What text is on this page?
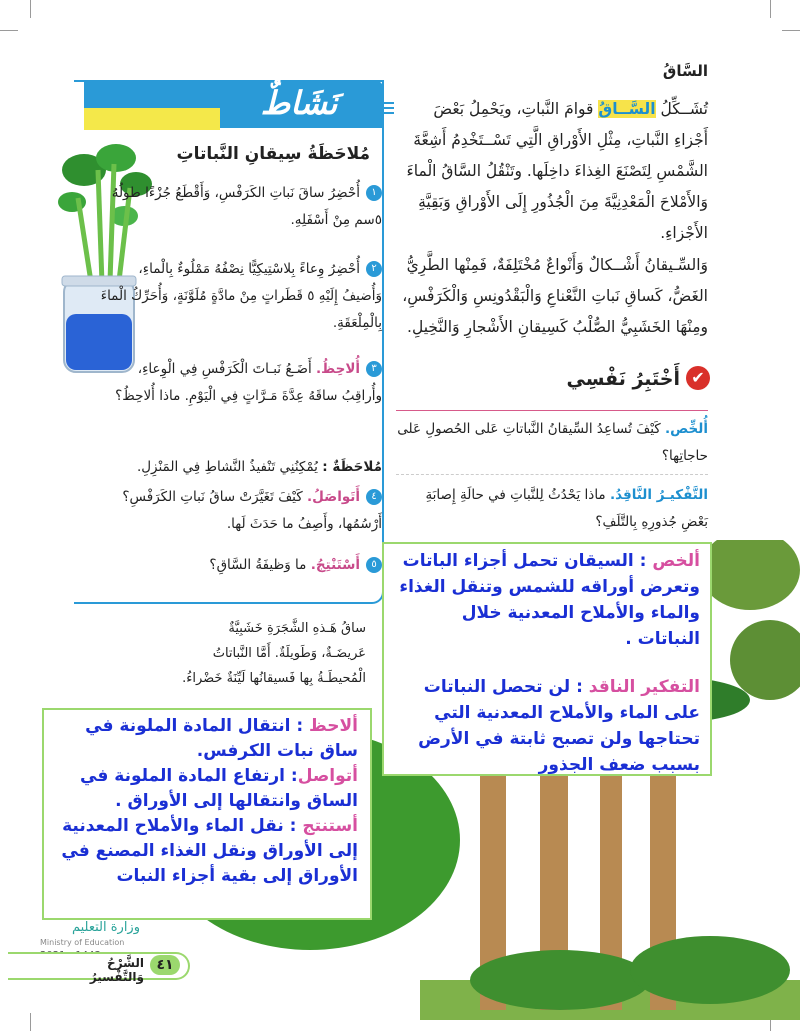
السَّاقُ
تُشَــكِّلُ السَّــاقُ قوامَ النَّباتِ، ويَحْمِلُ بَعْضَ أَجْزاءِ النَّباتِ، مِثْلِ الأَوْراقِ الَّتِي تَسْــتَخْدِمُ أَشِعَّةَ الشَّمْسِ لِتَصْنَعَ الغِذاءَ داخِلَها. وتَنْقُلُ السَّاقُ الْماءَ وَالأَمْلاحَ الْمَعْدِنِيَّةَ مِنَ الْجُذُورِ إِلَى الأَوْراقِ وَبَقِيَّةِ الأَجْزاءِ.
وَالسِّـيقانُ أَشْــكالٌ وَأَنْواعٌ مُخْتَلِفَةٌ، فَمِنْها الطَّرِيُّ الغَضُّ، كَساقِ نَباتِ النَّعْناعِ وَالْبَقْدُونِسِ وَالْكَرَفْسِ، ومِنْهَا الخَشَبِيُّ الصُّلْبُ كَسِيقانِ الأَشْجارِ وَالنَّخِيلِ.
✔
أَخْتَبِرُ نَفْسِي
أُلخِّص. كَيْفَ تُساعِدُ السِّيقانُ النَّباتاتِ عَلى الحُصولِ عَلى حاجاتِها؟
التَّفْكيـرُ النَّاقِدُ. ماذا يَحْدُثُ لِلنَّباتِ في حالَةِ إِصابَةِ بَعْضِ جُذورِهِ بِالتَّلَفِ؟
نَشَاطٌ
مُلاحَظَةُ سِيقانِ النَّباتاتِ
١أُحْضِرُ ساقَ نَباتِ الكَرَفْسِ، وَأَقْطَعُ جُزْءًا طولُهُ ٥سم مِنْ أَسْفَلِهِ.
٢أُحْضِرُ وِعاءً بِلاسْتِيكِيًّا نِصْفُهُ مَمْلُوءٌ بِالْماءِ، وَأُضيفُ إِلَيْهِ ٥ قَطَراتٍ مِنْ مادَّةٍ مُلَوَّنَةٍ، وَأُحَرِّكُ الْماءَ بِالْمِلْعَقَةِ.
٣أُلاحِظُ. أَضَـعُ نَبـاتَ الْكَرَفْسِ فِي الْوِعاءِ، وأُراقِبُ ساقَهُ عِدَّةَ مَـرَّاتٍ فِي الْيَوْمِ. ماذا أُلاحِظُ؟
مُلاحَظَةٌ : يُمْكِنُنِي تَنْفيذُ النَّشاطِ فِي المَنْزِلِ.
٤أَتَواصَلُ. كَيْفَ تَغَيَّرَتْ ساقُ نَباتِ الكَرَفْسِ؟ أَرْسُمُها، وأَصِفُ ما حَدَثَ لَها.
٥أَسْتَنْتِجُ. ما وَظيفَةُ السَّاقِ؟
ساقُ هَـذهِ الشَّجَرَةِ خَشَبِيَّةٌ عَريضَـةٌ، وَطَويلَةٌ. أَمَّا النَّباتاتُ الْمُحيطَـةُ بِها فَسيقانُها لَيِّنَةٌ خَضْراءُ.
ألخص : السيقان تحمل أجزاء الباتات وتعرض أوراقه للشمس وتنقل الغذاء والماء والأملاح المعدنية خلال النباتات .
التفكير الناقد : لن تحصل النباتات على الماء والأملاح المعدنية التي تحتاجها ولن تصبح ثابتة في الأرض بسبب ضعف الجذور
ألاحظ : انتقال المادة الملونة في ساق نبات الكرفس.
أتواصل: ارتفاع المادة الملونة في الساق وانتقالها إلى الأوراق .
أستنتج : نقل الماء والأملاح المعدنية إلى الأوراق ونقل الغذاء المصنع في الأوراق إلى بقية أجزاء النبات
وزارة التعليم
Ministry of Education
الشَّرْحُ وَالتَّفْسيرُ
٤١
